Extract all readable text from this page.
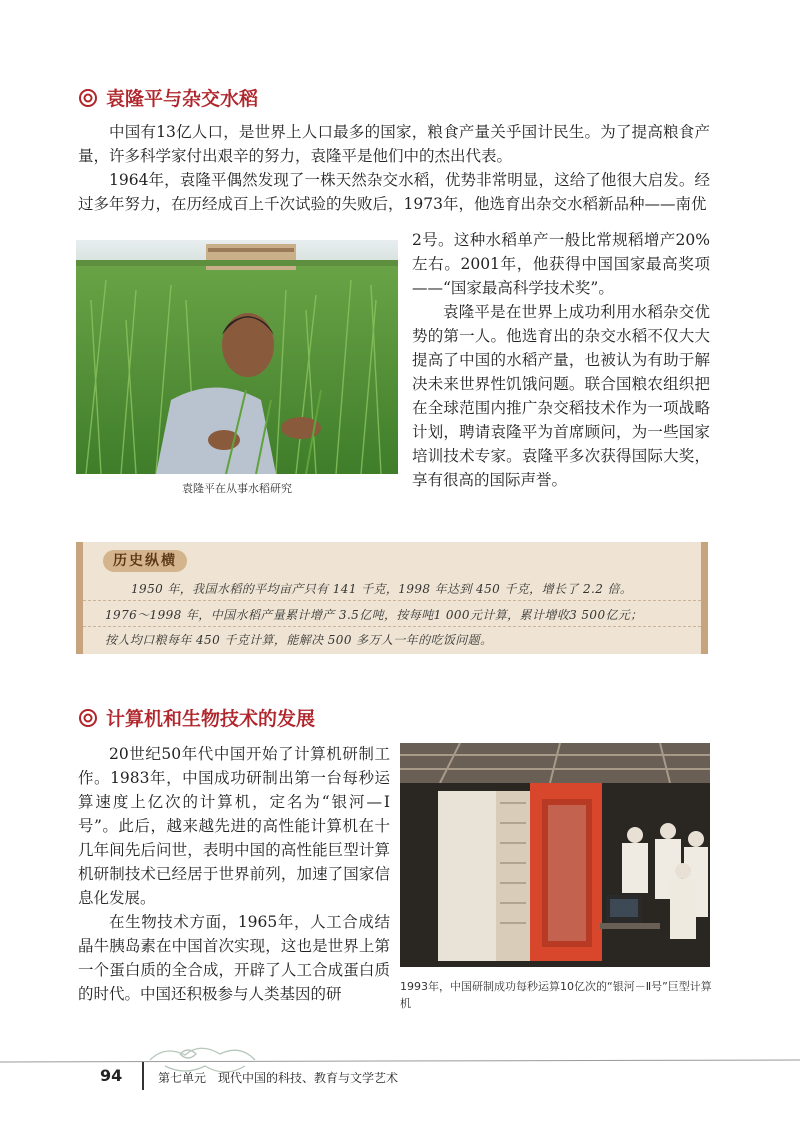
袁隆平与杂交水稻

中国有13亿人口，是世界上人口最多的国家，粮食产量关乎国计民生。为了提高粮食产量，许多科学家付出艰辛的努力，袁隆平是他们中的杰出代表。

1964年，袁隆平偶然发现了一株天然杂交水稻，优势非常明显，这给了他很大启发。经过多年努力，在历经成百上千次试验的失败后，1973年，他选育出杂交水稻新品种——南优

袁隆平在从事水稻研究

2号。这种水稻单产一般比常规稻增产20%左右。2001年，他获得中国国家最高奖项——“国家最高科学技术奖”。

袁隆平是在世界上成功利用水稻杂交优势的第一人。他选育出的杂交水稻不仅大大提高了中国的水稻产量，也被认为有助于解决未来世界性饥饿问题。联合国粮农组织把在全球范围内推广杂交稻技术作为一项战略计划，聘请袁隆平为首席顾问，为一些国家培训技术专家。袁隆平多次获得国际大奖，享有很高的国际声誉。

历史纵横
1950 年，我国水稻的平均亩产只有 141 千克，1998 年达到 450 千克，增长了 2.2 倍。
1976～1998 年，中国水稻产量累计增产 3.5亿吨，按每吨1 000元计算，累计增收3 500亿元；
按人均口粮每年 450 千克计算，能解决 500 多万人一年的吃饭问题。
计算机和生物技术的发展

20世纪50年代中国开始了计算机研制工作。1983年，中国成功研制出第一台每秒运算速度上亿次的计算机，定名为“银河—Ⅰ号”。此后，越来越先进的高性能计算机在十几年间先后问世，表明中国的高性能巨型计算机研制技术已经居于世界前列，加速了国家信息化发展。

在生物技术方面，1965年，人工合成结晶牛胰岛素在中国首次实现，这也是世界上第一个蛋白质的全合成，开辟了人工合成蛋白质的时代。中国还积极参与人类基因的研	1993年，中国研制成功每秒运算10亿次的“银河－Ⅱ号”巨型计算机
94	第七单元　现代中国的科技、教育与文学艺术
